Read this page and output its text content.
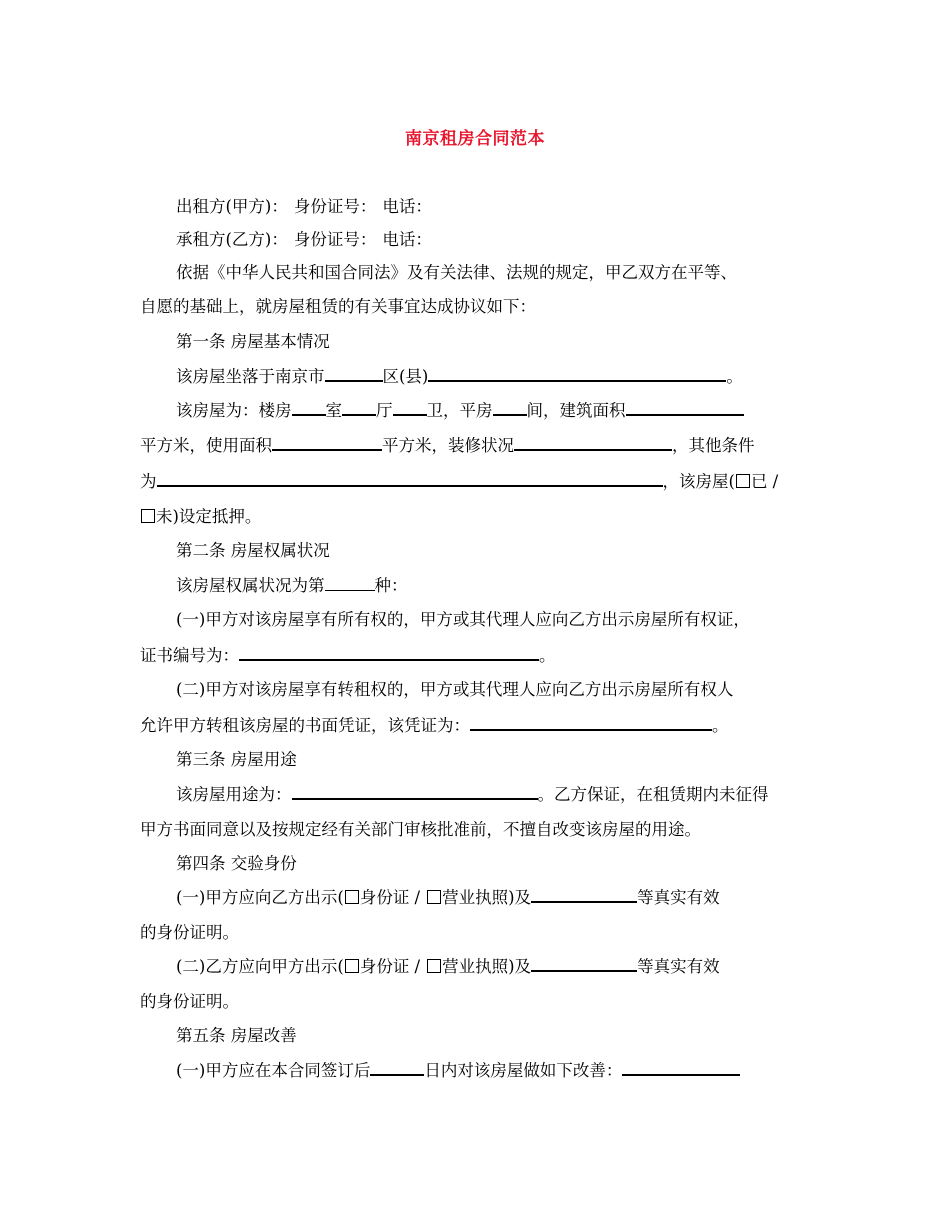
南京租房合同范本
出租方(甲方)： 身份证号： 电话：
承租方(乙方)： 身份证号： 电话：
依据《中华人民共和国合同法》及有关法律、法规的规定，甲乙双方在平等、
自愿的基础上，就房屋租赁的有关事宜达成协议如下：
第一条 房屋基本情况
该房屋坐落于南京市	区(县)	。
该房屋为：楼房 室 厅 卫，平房 间，建筑面积
平方米，使用面积	平方米，装修状况	，其他条件
为	，该房屋( 已 /
未)设定抵押。
第二条 房屋权属状况
该房屋权属状况为第	种：
(一)甲方对该房屋享有所有权的，甲方或其代理人应向乙方出示房屋所有权证，
证书编号为：	。
(二)甲方对该房屋享有转租权的，甲方或其代理人应向乙方出示房屋所有权人
允许甲方转租该房屋的书面凭证，该凭证为：	。
第三条 房屋用途
该房屋用途为：	。乙方保证，在租赁期内未征得
甲方书面同意以及按规定经有关部门审核批准前，不擅自改变该房屋的用途。
第四条 交验身份
(一)甲方应向乙方出示( 身份证 / 营业执照)及	等真实有效
的身份证明。
(二)乙方应向甲方出示( 身份证 / 营业执照)及	等真实有效
的身份证明。
第五条 房屋改善
(一)甲方应在本合同签订后	日内对该房屋做如下改善：
